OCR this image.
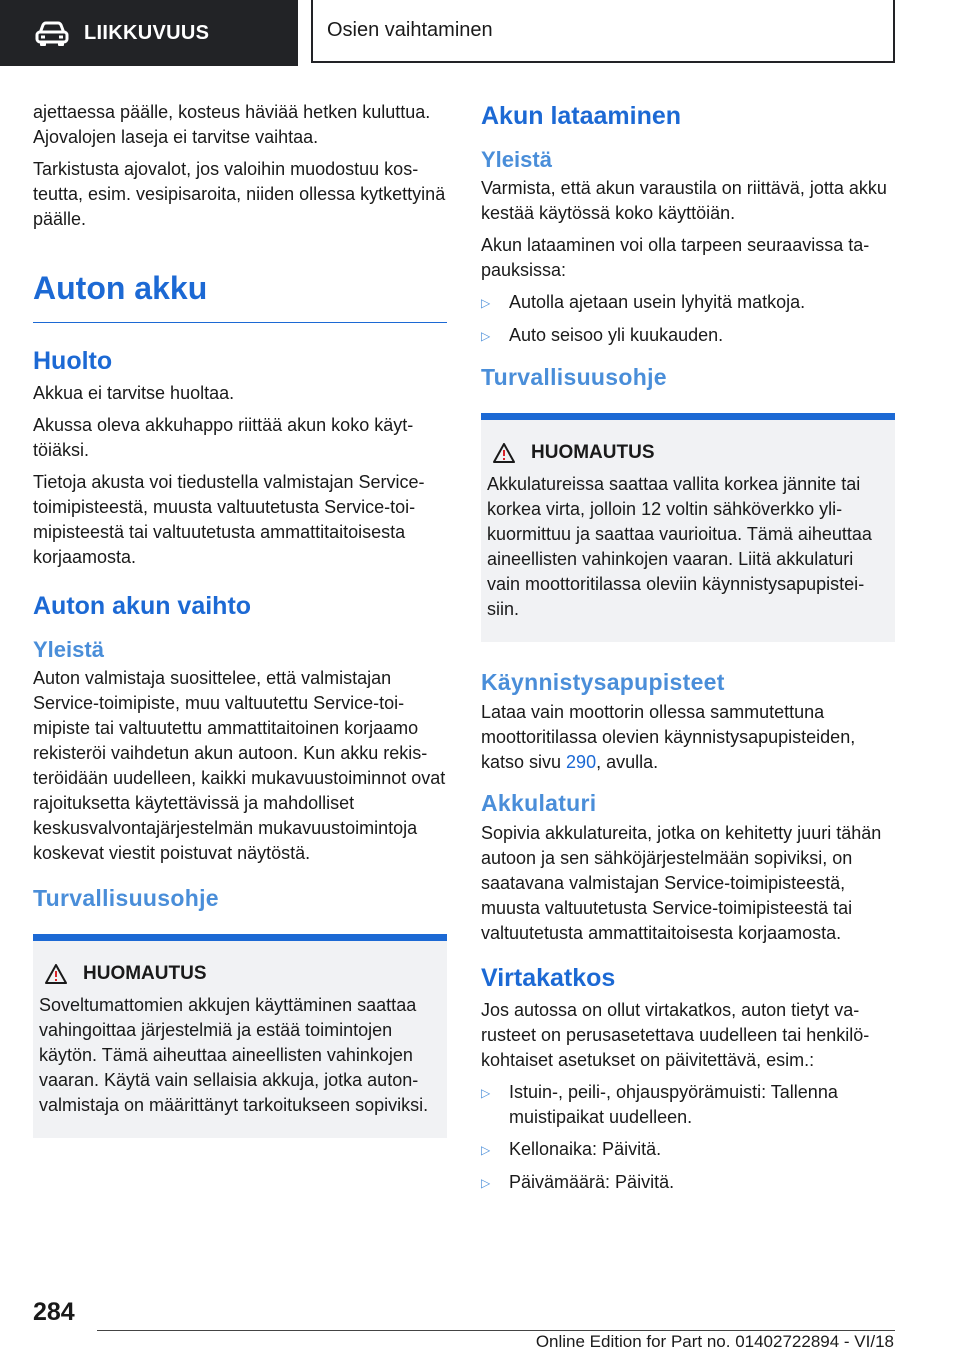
LIIKKUVUUS	Osien vaihtaminen

ajettaessa päälle, kosteus häviää hetken kuluttua. Ajovalojen laseja ei tarvitse vaihtaa.

Tarkistusta ajovalot, jos valoihin muodostuu kosteutta, esim. vesipisaroita, niiden ollessa kytkettyinä päälle.

Auton akku
Huolto

Akkua ei tarvitse huoltaa.

Akussa oleva akkuhappo riittää akun koko käyttöiäksi.

Tietoja akusta voi tiedustella valmistajan Service-toimipisteestä, muusta valtuutetusta Service-toimipisteestä tai valtuutetusta ammattitaitoisesta korjaamosta.

Auton akun vaihto
Yleistä

Auton valmistaja suosittelee, että valmistajan Service-toimipiste, muu valtuutettu Service-toimipiste tai valtuutettu ammattitaitoinen korjaamo rekisteröi vaihdetun akun autoon. Kun akku rekisteröidään uudelleen, kaikki mukavuustoiminnot ovat rajoituksetta käytettävissä ja mahdolliset keskusvalvontajärjestelmän mukavuustoimintoja koskevat viestit poistuvat näytöstä.

Turvallisuusohje
HUOMAUTUS

Soveltumattomien akkujen käyttäminen saattaa vahingoittaa järjestelmiä ja estää toimintojen käytön. Tämä aiheuttaa aineellisten vahinkojen vaaran. Käytä vain sellaisia akkuja, jotka autonvalmistaja on määrittänyt tarkoitukseen sopiviksi.

Akun lataaminen
Yleistä

Varmista, että akun varaustila on riittävä, jotta akku kestää käytössä koko käyttöiän.

Akun lataaminen voi olla tarpeen seuraavissa tapauksissa:

▷	Autolla ajetaan usein lyhyitä matkoja.
▷	Auto seisoo yli kuukauden.
Turvallisuusohje
HUOMAUTUS

Akkulatureissa saattaa vallita korkea jännite tai korkea virta, jolloin 12 voltin sähköverkko ylikuormittuu ja saattaa vaurioitua. Tämä aiheuttaa aineellisten vahinkojen vaaran. Liitä akkulaturi vain moottoritilassa oleviin käynnistysapupisteisiin.

Käynnistysapupisteet

Lataa vain moottorin ollessa sammutettuna moottoritilassa olevien käynnistysapupisteiden, katso sivu 290, avulla.

Akkulaturi

Sopivia akkulatureita, jotka on kehitetty juuri tähän autoon ja sen sähköjärjestelmään sopiviksi, on saatavana valmistajan Service-toimipisteestä, muusta valtuutetusta Service-toimipisteestä tai valtuutetusta ammattitaitoisesta korjaamosta.

Virtakatkos

Jos autossa on ollut virtakatkos, auton tietyt varusteet on perusasetettava uudelleen tai henkilökohtaiset asetukset on päivitettävä, esim.:

▷	Istuin-, peili-, ohjauspyörämuisti: Tallenna muistipaikat uudelleen.
▷	Kellonaika: Päivitä.
▷	Päivämäärä: Päivitä.
284
Online Edition for Part no. 01402722894 - VI/18
